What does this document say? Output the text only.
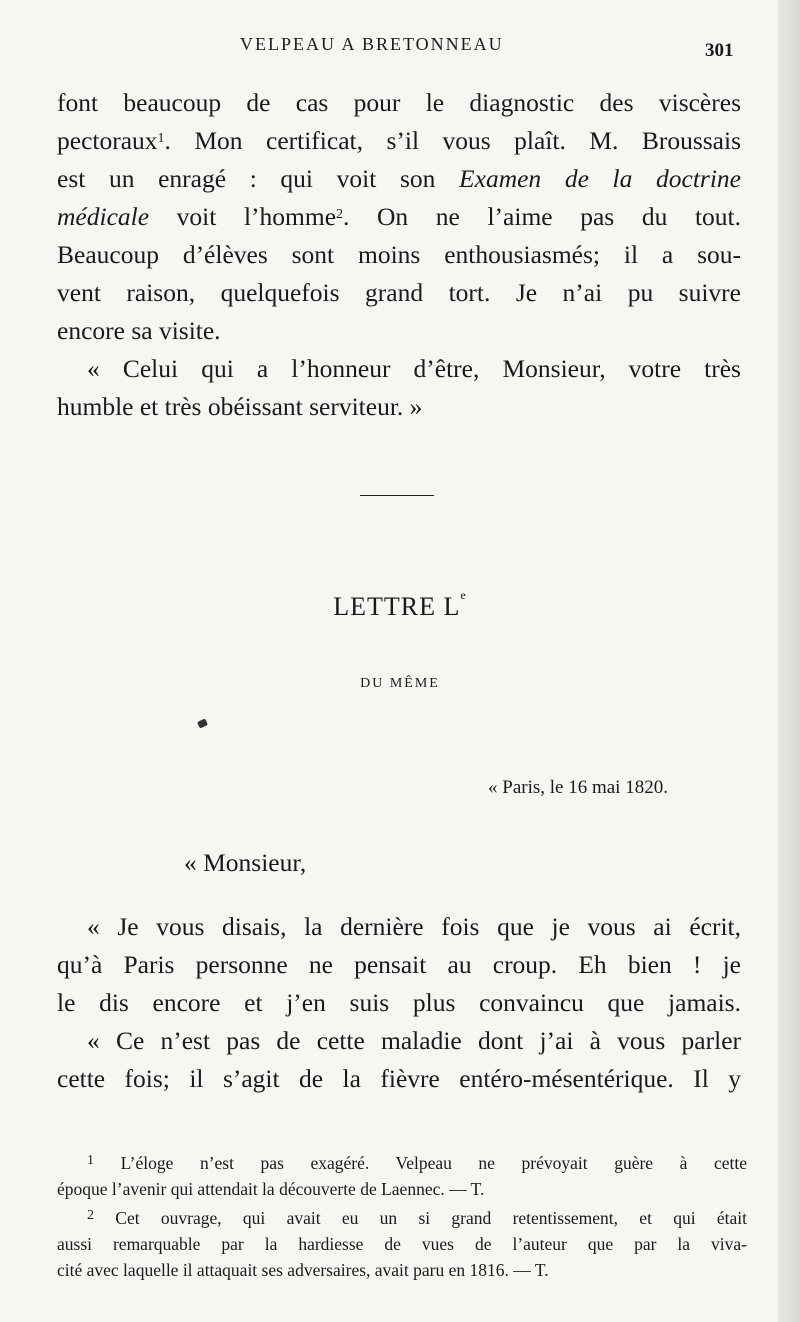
VELPEAU A BRETONNEAU	301
font beaucoup de cas pour le diagnostic des viscères
pectoraux$^1$. Mon certificat, s’il vous plaît. M. Broussais
est un enragé : qui voit son Examen de la doctrine
médicale voit l’homme$^2$. On ne l’aime pas du tout.
Beaucoup d’élèves sont moins enthousiasmés; il a sou-
vent raison, quelquefois grand tort. Je n’ai pu suivre
encore sa visite.
« Celui qui a l’honneur d’être, Monsieur, votre très
humble et très obéissant serviteur. »
LETTRE Le
DU MÊME
« Paris, le 16 mai 1820.
« Monsieur,
« Je vous disais, la dernière fois que je vous ai écrit,
qu’à Paris personne ne pensait au croup. Eh bien ! je
le dis encore et j’en suis plus convaincu que jamais.
« Ce n’est pas de cette maladie dont j’ai à vous parler
cette fois; il s’agit de la fièvre entéro-mésentérique. Il y
$^1$ L’éloge n’est pas exagéré. Velpeau ne prévoyait guère à cette
époque l’avenir qui attendait la découverte de Laennec. — T.
$^2$ Cet ouvrage, qui avait eu un si grand retentissement, et qui était
aussi remarquable par la hardiesse de vues de l’auteur que par la viva-
cité avec laquelle il attaquait ses adversaires, avait paru en 1816. — T.
